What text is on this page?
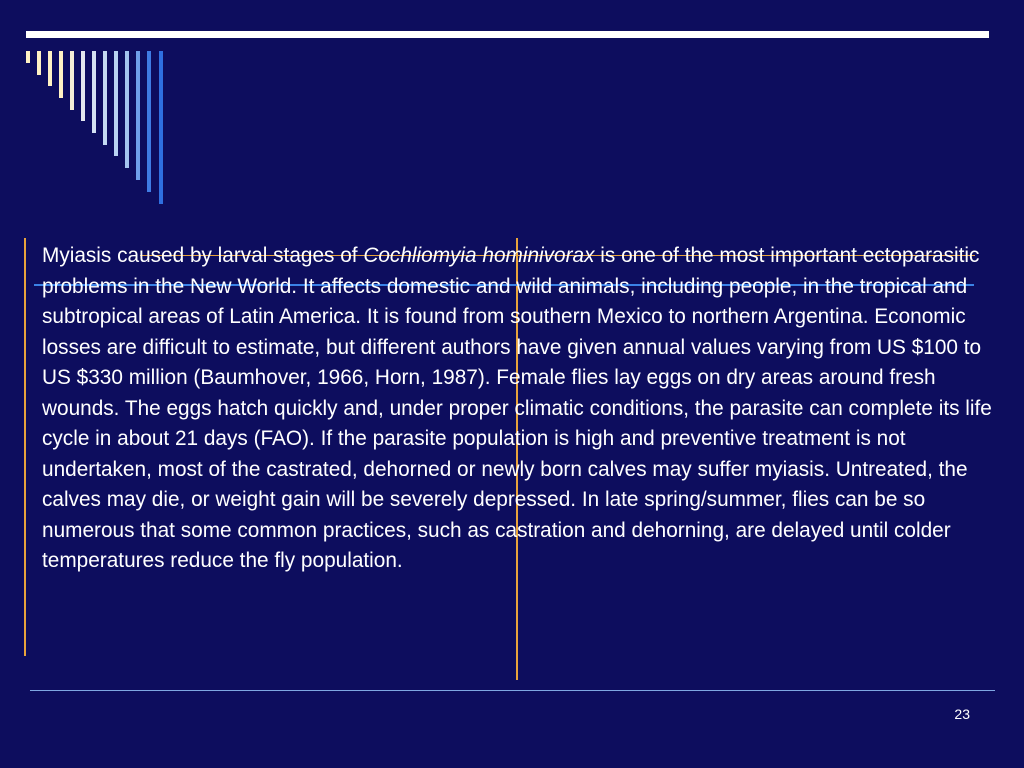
Myiasis caused by larval stages of Cochliomyia hominivorax is one of the most important ectoparasitic problems in the New World. It affects domestic and wild animals, including people, in the tropical and subtropical areas of Latin America. It is found from southern Mexico to northern Argentina. Economic losses are difficult to estimate, but different authors have given annual values varying from US $100 to US $330 million (Baumhover, 1966, Horn, 1987). Female flies lay eggs on dry areas around fresh wounds. The eggs hatch quickly and, under proper climatic conditions, the parasite can complete its life cycle in about 21 days (FAO). If the parasite population is high and preventive treatment is not undertaken, most of the castrated, dehorned or newly born calves may suffer myiasis. Untreated, the calves may die, or weight gain will be severely depressed. In late spring/summer, flies can be so numerous that some common practices, such as castration and dehorning, are delayed until colder temperatures reduce the fly population.

23
